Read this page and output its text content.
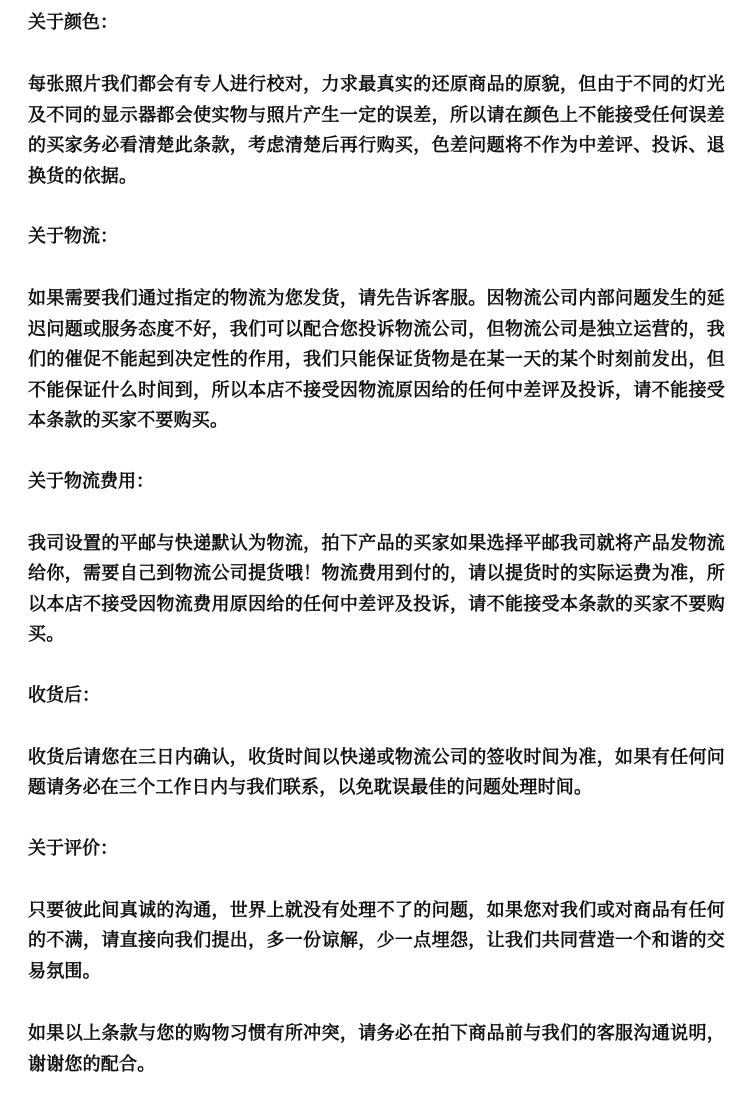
关于颜色：

每张照片我们都会有专人进行校对，力求最真实的还原商品的原貌，但由于不同的灯光及不同的显示器都会使实物与照片产生一定的误差，所以请在颜色上不能接受任何误差的买家务必看清楚此条款，考虑清楚后再行购买，色差问题将不作为中差评、投诉、退换货的依据。

关于物流：

如果需要我们通过指定的物流为您发货，请先告诉客服。因物流公司内部问题发生的延迟问题或服务态度不好，我们可以配合您投诉物流公司，但物流公司是独立运营的，我们的催促不能起到决定性的作用，我们只能保证货物是在某一天的某个时刻前发出，但不能保证什么时间到，所以本店不接受因物流原因给的任何中差评及投诉，请不能接受本条款的买家不要购买。

关于物流费用：

我司设置的平邮与快递默认为物流，拍下产品的买家如果选择平邮我司就将产品发物流给你，需要自己到物流公司提货哦！物流费用到付的，请以提货时的实际运费为准，所以本店不接受因物流费用原因给的任何中差评及投诉，请不能接受本条款的买家不要购买。

收货后：

收货后请您在三日内确认，收货时间以快递或物流公司的签收时间为准，如果有任何问题请务必在三个工作日内与我们联系，以免耽误最佳的问题处理时间。

关于评价：

只要彼此间真诚的沟通，世界上就没有处理不了的问题，如果您对我们或对商品有任何的不满，请直接向我们提出，多一份谅解，少一点埋怨，让我们共同营造一个和谐的交易氛围。

如果以上条款与您的购物习惯有所冲突，请务必在拍下商品前与我们的客服沟通说明，谢谢您的配合。
